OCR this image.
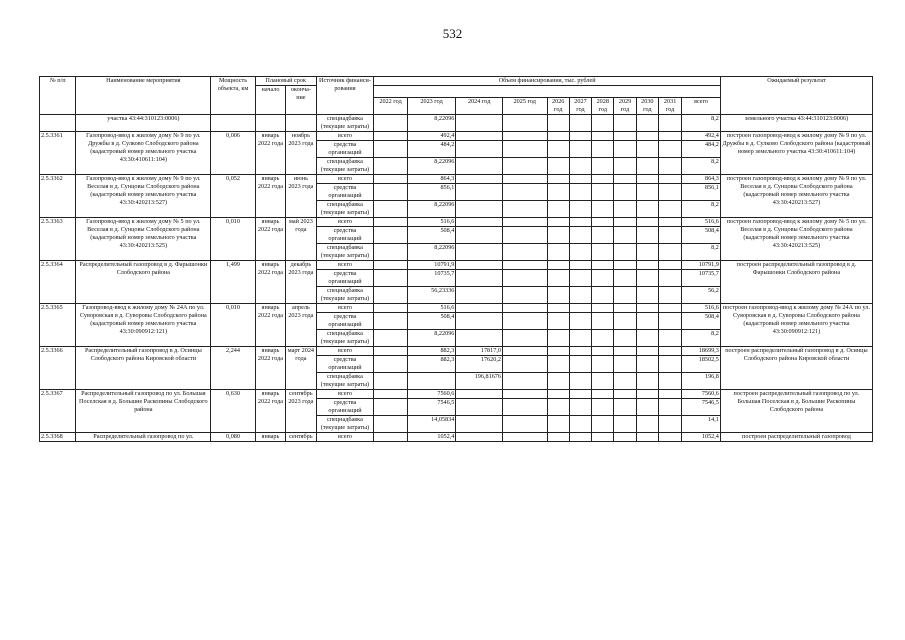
532
№ п/п	Наименование мероприятия	Мощность объекта, км	Плановый срок		Источник финанси-рования	Объем финансирования, тыс. рублей											Ожидаемый результат
			начало	оконча-ние													
						2022 год	2023 год	2024 год	2025 год	2026 год	2027 год	2028 год	2029 год	2030 год	2031 год	всего	
	участка 43:44:310123:0006)				спецнадбавка (текущие затраты)		8,22096									8,2	земельного участка 43:44:310123:0006)
2.5.3361	Газопровод-ввод к жилому дому № 9 по ул. Дружбы в д. Сулково Слободского района (кадастровый номер земельного участка 43:30:410611:104)	0,006	январь 2022 года	ноябрь 2023 года	всего		492,4									492,4	построен газопровод-ввод к жилому дому № 9 по ул. Дружбы в д. Сулково Слободского района (кадастровый номер земельного участка 43:30:410611:104)
					средства организаций		484,2									484,2	
					спецнадбавка (текущие затраты)		8,22096									8,2	
2.5.3362	Газопровод-ввод к жилому дому № 9 по ул. Веселая в д. Сунцовы Слободского района (кадастровый номер земельного участка 43:30:420213:527)	0,052	январь 2022 года	июнь 2023 года	всего		864,3									864,3	построен газопровод-ввод к жилому дому № 9 по ул. Веселая в д. Сунцовы Слободского района (кадастровый номер земельного участка 43:30:420213:527)
					средства организаций		856,1									856,1	
					спецнадбавка (текущие затраты)		8,22096									8,2	
2.5.3363	Газопровод-ввод к жилому дому № 5 по ул. Веселая в д. Сунцовы Слободского района (кадастровый номер земельного участка 43:30:420213:525)	0,010	январь 2022 года	май 2023 года	всего		516,6									516,6	построен газопровод-ввод к жилому дому № 5 по ул. Веселая в д. Сунцовы Слободского района (кадастровый номер земельного участка 43:30:420213:525)
					средства организаций		508,4									508,4	
					спецнадбавка (текущие затраты)		8,22096									8,2	
2.5.3364	Распределительный газопровод в д. Фарышонки Слободского района	1,499	январь 2022 года	декабрь 2023 года	всего		10791,9									10791,9	построен распределительный газопровод в д. Фарышонки Слободского района
					средства организаций		10735,7									10735,7	
					спецнадбавка (текущие затраты)		56,23336									56,2	
2.5.3365	Газопровод-ввод к жилому дому № 24А по ул. Суворовская в д. Суворовы Слободского района (кадастровый номер земельного участка 43:30:090912:121)	0,010	январь 2022 года	апрель 2023 года	всего		516,6									516,6	построен газопровод-ввод к жилому дому № 24А по ул. Суворовская в д. Суворовы Слободского района (кадастровый номер земельного участка 43:30:090912:121)
					средства организаций		508,4									508,4	
					спецнадбавка (текущие затраты)		8,22096									8,2	
2.5.3366	Распределительный газопровод в д. Осинцы Слободского района Кировской области	2,244	январь 2022 года	март 2024 года	всего		882,3	17817,0								18699,3	построен распределительный газопровод в д. Осинцы Слободского района Кировской области
					средства организаций		882,3	17620,2								18502,5	
					спецнадбавка (текущие затраты)			196,81676								196,8	
2.5.3367	Распределительный газопровод по ул. Большая Поселская в д. Большие Раскопины Слободского района	0,630	январь 2022 года	сентябрь 2023 года	всего		7560,6									7560,6	построен распределительный газопровод по ул. Большая Поселская в д. Большие Раскопины Слободского района
					средства организаций		7546,5									7546,5	
					спецнадбавка (текущие затраты)		14,05834									14,1	
2.5.3368	Распределительный газопровод по ул.	0,080	январь	сентябрь	всего		1052,4									1052,4	построен распределительный газопровод
